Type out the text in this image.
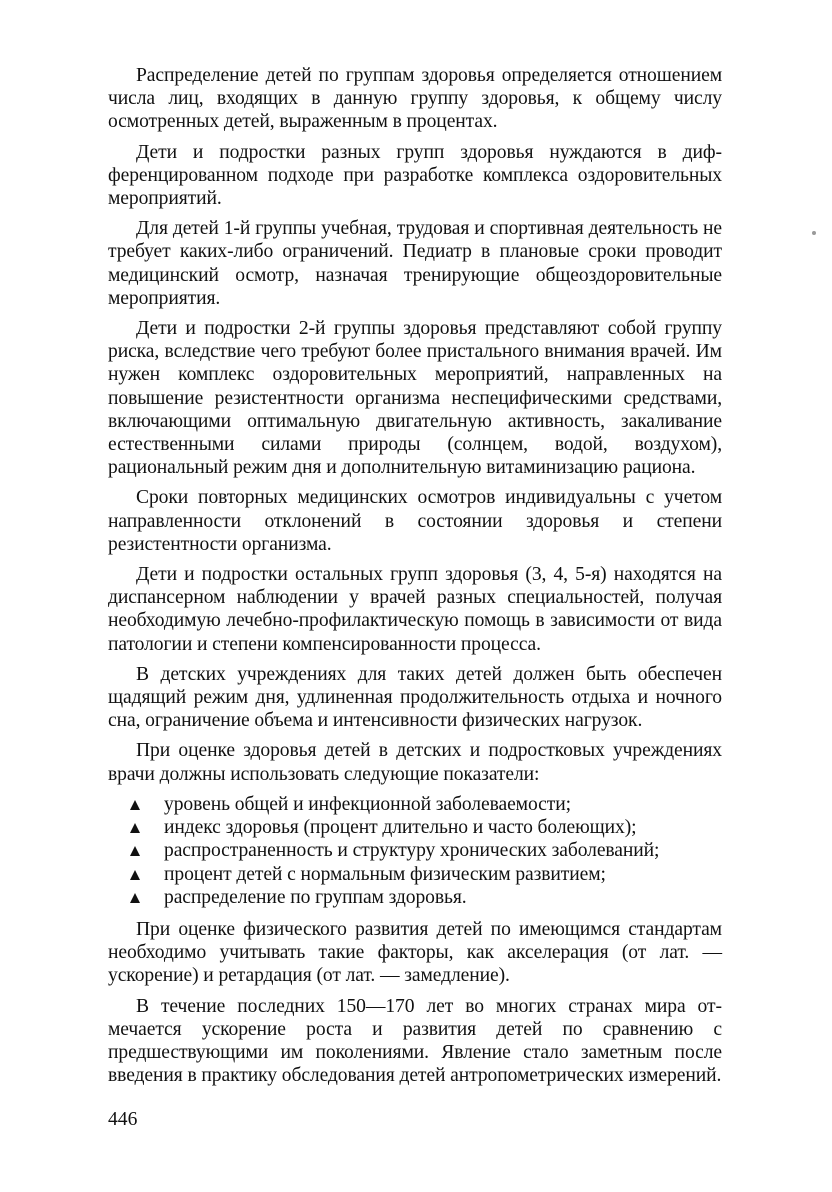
Распределение детей по группам здоровья определяется отношением числа лиц, входящих в данную группу здоровья, к общему числу осмотренных детей, выраженным в процентах.

Дети и подростки разных групп здоровья нуждаются в дифференцированном подходе при разработке комплекса оздоровительных мероприятий.

Для детей 1-й группы учебная, трудовая и спортивная деятельность не требует каких-либо ограничений. Педиатр в плановые сроки проводит медицинский осмотр, назначая тренирующие общеоздоровительные мероприятия.

Дети и подростки 2-й группы здоровья представляют собой группу риска, вследствие чего требуют более пристального внимания врачей. Им нужен комплекс оздоровительных мероприятий, направленных на повышение резистентности организма неспецифическими средствами, включающими оптимальную двигательную активность, закаливание естественными силами природы (солнцем, водой, воздухом), рациональный режим дня и дополнительную витаминизацию рациона.

Сроки повторных медицинских осмотров индивидуальны с учетом направленности отклонений в состоянии здоровья и степени резистентности организма.

Дети и подростки остальных групп здоровья (3, 4, 5-я) находятся на диспансерном наблюдении у врачей разных специальностей, получая необходимую лечебно-профилактическую помощь в зависимости от вида патологии и степени компенсированности процесса.

В детских учреждениях для таких детей должен быть обеспечен щадящий режим дня, удлиненная продолжительность отдыха и ночного сна, ограничение объема и интенсивности физических нагрузок.

При оценке здоровья детей в детских и подростковых учреждениях врачи должны использовать следующие показатели:

уровень общей и инфекционной заболеваемости;
индекс здоровья (процент длительно и часто болеющих);
распространенность и структуру хронических заболеваний;
процент детей с нормальным физическим развитием;
распределение по группам здоровья.

При оценке физического развития детей по имеющимся стандартам необходимо учитывать такие факторы, как акселерация (от лат. — ускорение) и ретардация (от лат. — замедление).

В течение последних 150—170 лет во многих странах мира отмечается ускорение роста и развития детей по сравнению с предшествующими им поколениями. Явление стало заметным после введения в практику обследования детей антропометрических измерений.

446
